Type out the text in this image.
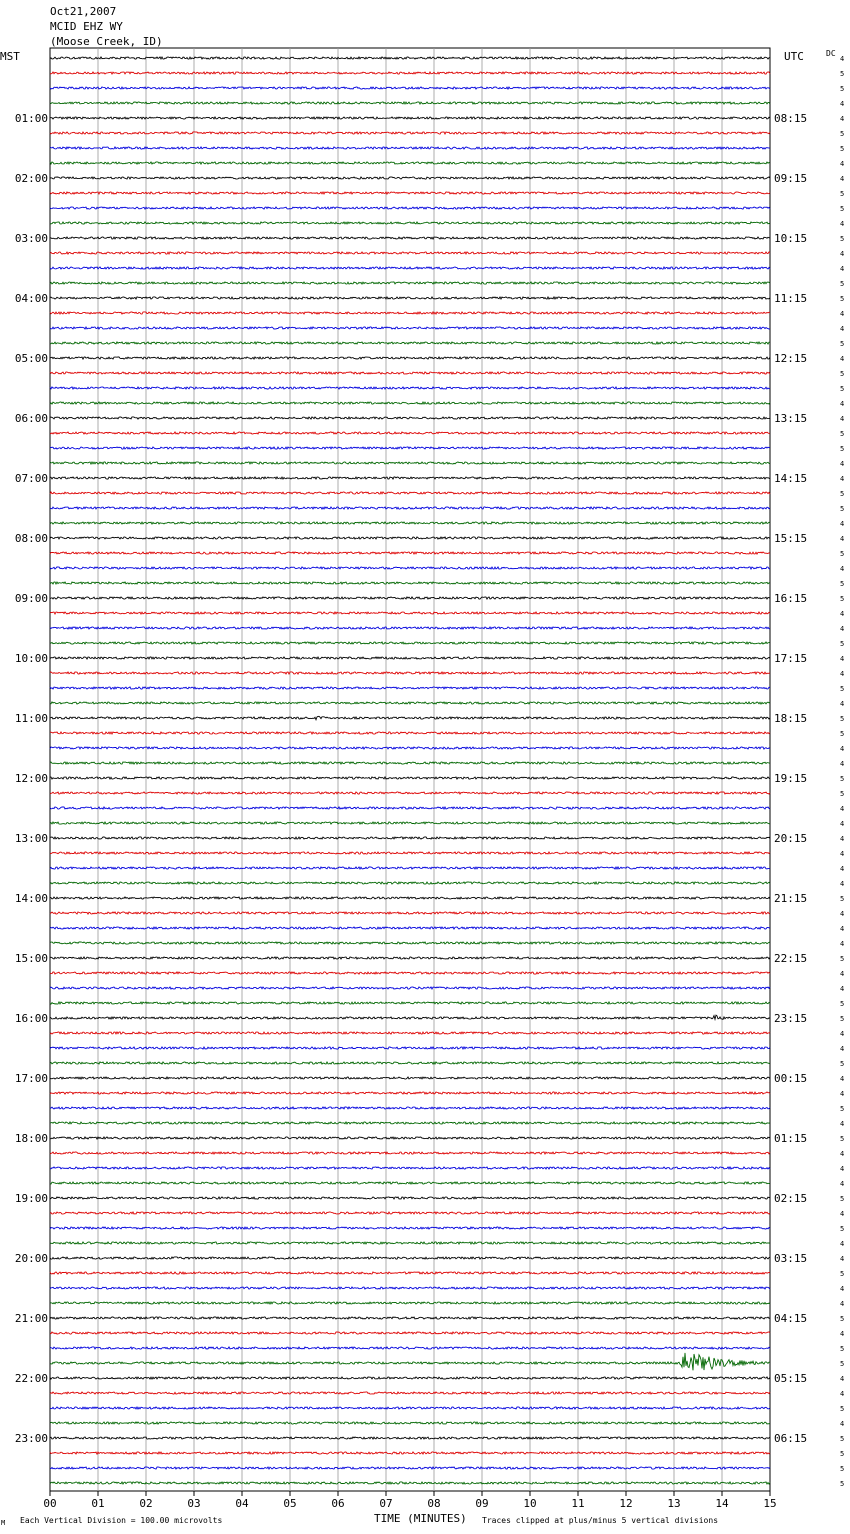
Oct21,2007
MCID EHZ WY
(Moose Creek, ID)
MST	UTC	DC
TIME (MINUTES)
Each Vertical Division = 100.00 microvolts	Traces clipped at plus/minus 5 vertical divisions
M
00	01	02	03	04	05	06	07	08	09	10	11	12	13	14	15
01:00
02:00
03:00
04:00
05:00
06:00
07:00
08:00
09:00
10:00
11:00
12:00
13:00
14:00
15:00
16:00
17:00
18:00
19:00
20:00
21:00
22:00
23:00
08:15
09:15
10:15
11:15
12:15
13:15
14:15
15:15
16:15
17:15
18:15
19:15
20:15
21:15
22:15
23:15
00:15
01:15
02:15
03:15
04:15
05:15
06:15
4
5
5
4
4
5
5
4
4
5
5
4
5
4
4
5
5
4
4
5
4
5
5
4
4
5
5
4
4
5
5
4
4
5
4
5
5
4
4
5
4
4
5
4
5
5
4
4
5
5
4
4
4
4
4
4
5
4
4
4
5
4
4
5
5
4
4
5
4
4
5
4
5
4
4
4
5
4
5
4
4
5
4
4
5
4
5
5
4
4
5
4
5
5
5
5
